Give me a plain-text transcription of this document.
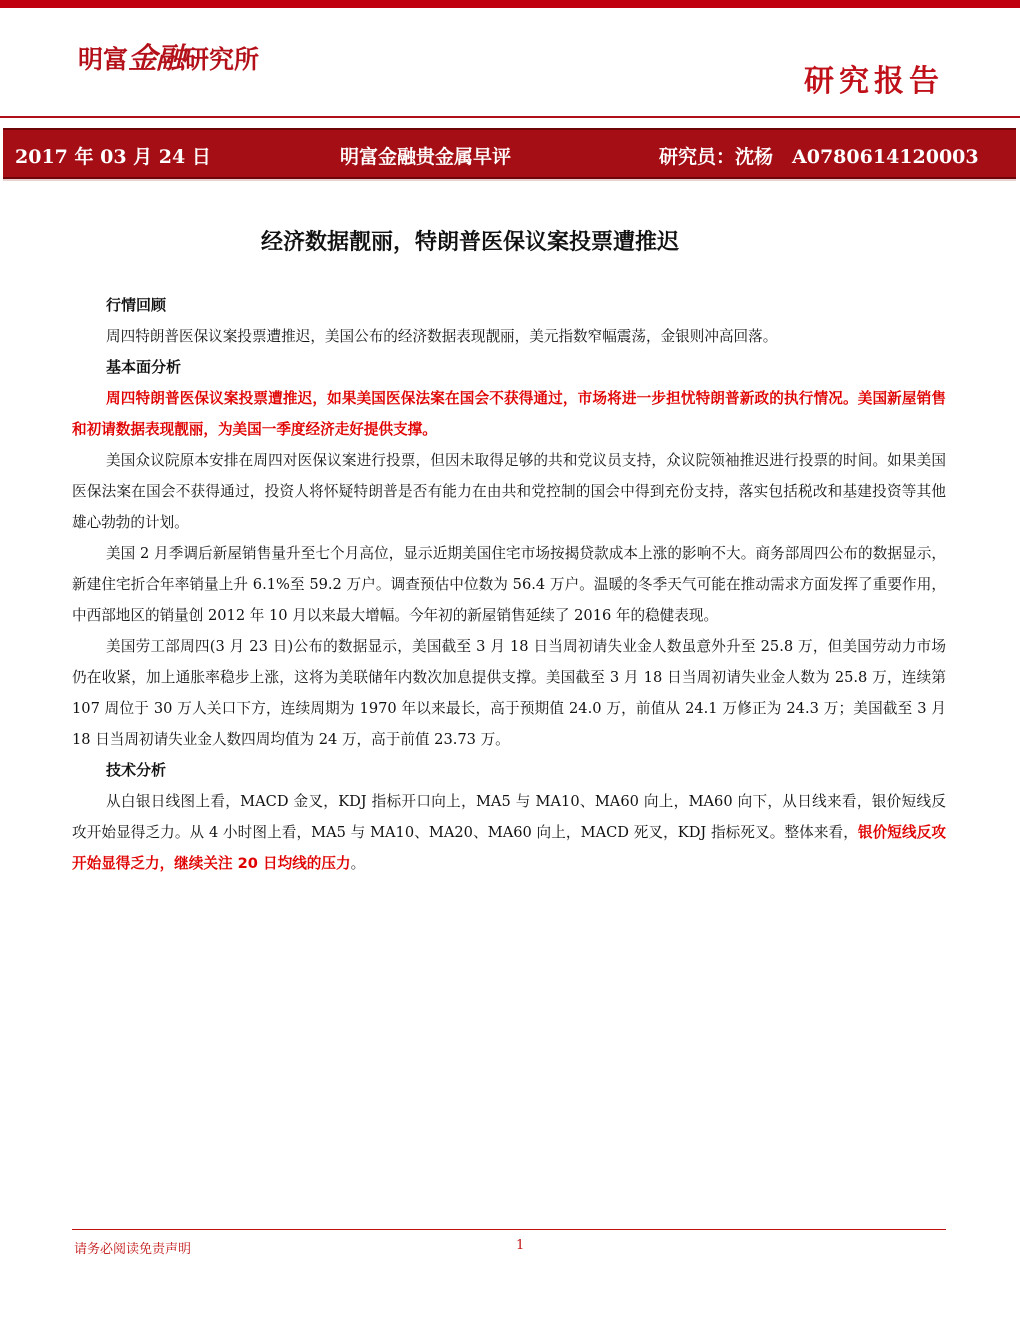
明富金融研究所
研究报告
2017 年 03 月 24 日	明富金融贵金属早评	研究员：沈杨　A0780614120003
经济数据靓丽，特朗普医保议案投票遭推迟
行情回顾
周四特朗普医保议案投票遭推迟，美国公布的经济数据表现靓丽，美元指数窄幅震荡，金银则冲高回落。
基本面分析
周四特朗普医保议案投票遭推迟，如果美国医保法案在国会不获得通过，市场将进一步担忧特朗普新政的执行情况。美国新屋销售和初请数据表现靓丽，为美国一季度经济走好提供支撑。
美国众议院原本安排在周四对医保议案进行投票，但因未取得足够的共和党议员支持，众议院领袖推迟进行投票的时间。如果美国医保法案在国会不获得通过，投资人将怀疑特朗普是否有能力在由共和党控制的国会中得到充份支持，落实包括税改和基建投资等其他雄心勃勃的计划。
美国 2 月季调后新屋销售量升至七个月高位，显示近期美国住宅市场按揭贷款成本上涨的影响不大。商务部周四公布的数据显示，新建住宅折合年率销量上升 6.1%至 59.2 万户。调查预估中位数为 56.4 万户。温暖的冬季天气可能在推动需求方面发挥了重要作用，中西部地区的销量创 2012 年 10 月以来最大增幅。今年初的新屋销售延续了 2016 年的稳健表现。
美国劳工部周四(3 月 23 日)公布的数据显示，美国截至 3 月 18 日当周初请失业金人数虽意外升至 25.8 万，但美国劳动力市场仍在收紧，加上通胀率稳步上涨，这将为美联储年内数次加息提供支撑。美国截至 3 月 18 日当周初请失业金人数为 25.8 万，连续第 107 周位于 30 万人关口下方，连续周期为 1970 年以来最长，高于预期值 24.0 万，前值从 24.1 万修正为 24.3 万；美国截至 3 月 18 日当周初请失业金人数四周均值为 24 万，高于前值 23.73 万。
技术分析
从白银日线图上看，MACD 金叉，KDJ 指标开口向上，MA5 与 MA10、MA60 向上，MA60 向下，从日线来看，银价短线反攻开始显得乏力。从 4 小时图上看，MA5 与 MA10、MA20、MA60 向上，MACD 死叉，KDJ 指标死叉。整体来看，银价短线反攻开始显得乏力，继续关注 20 日均线的压力。
请务必阅读免责声明	1
